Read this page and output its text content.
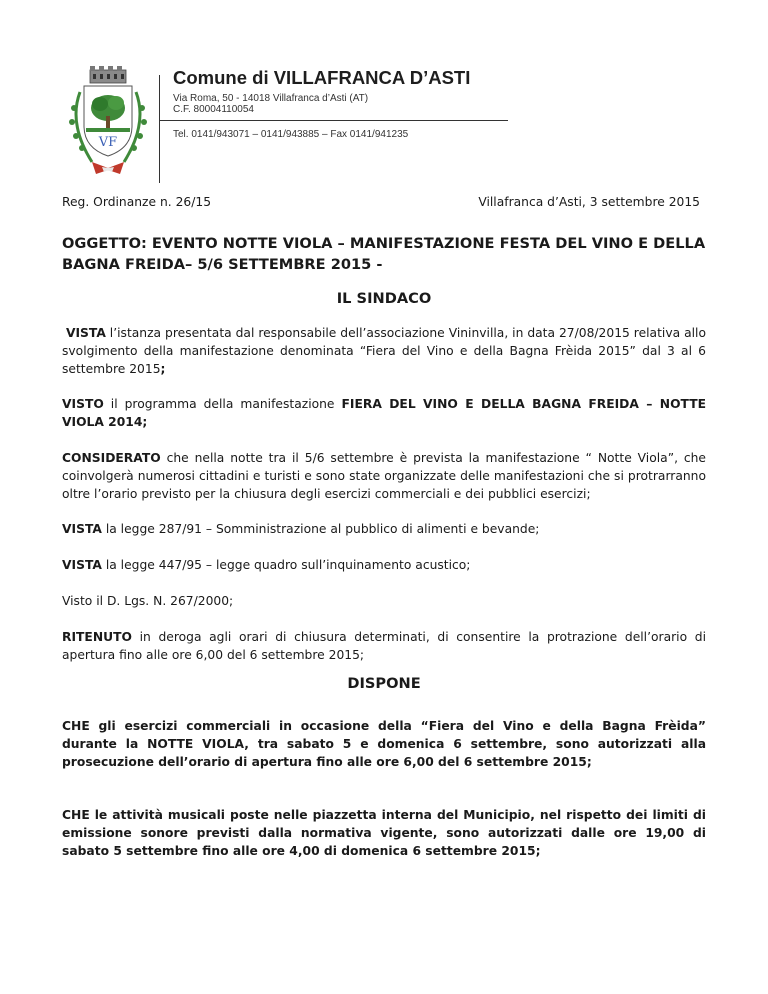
VF
Comune di VILLAFRANCA D’ASTI
Via Roma, 50 - 14018 Villafranca d’Asti (AT)
C.F. 80004110054
Tel. 0141/943071 – 0141/943885 – Fax 0141/941235
Reg. Ordinanze n. 26/15	Villafranca d’Asti, 3 settembre 2015
OGGETTO: EVENTO NOTTE VIOLA – MANIFESTAZIONE FESTA DEL VINO E DELLA BAGNA FREIDA– 5/6 SETTEMBRE 2015 -
IL SINDACO
VISTA l’istanza presentata dal responsabile dell’associazione Vininvilla, in data 27/08/2015 relativa allo svolgimento della manifestazione denominata “Fiera del Vino e della Bagna Frèida 2015” dal 3 al 6 settembre 2015;
VISTO il programma della manifestazione FIERA DEL VINO E DELLA BAGNA FREIDA – NOTTE VIOLA 2014;
CONSIDERATO che nella notte tra il 5/6 settembre è prevista la manifestazione “ Notte Viola”, che coinvolgerà numerosi cittadini e turisti e sono state organizzate delle manifestazioni che si protrarranno oltre l’orario previsto per la chiusura degli esercizi commerciali e dei pubblici esercizi;
VISTA la legge 287/91 – Somministrazione al pubblico di alimenti e bevande;
VISTA la legge 447/95 – legge quadro sull’inquinamento acustico;
Visto il D. Lgs. N. 267/2000;
RITENUTO in deroga agli orari di chiusura determinati, di consentire la protrazione dell’orario di apertura fino alle ore 6,00 del 6 settembre 2015;
DISPONE
CHE gli esercizi commerciali in occasione della “Fiera del Vino e della Bagna Frèida” durante la NOTTE VIOLA, tra sabato 5 e domenica 6 settembre, sono autorizzati alla prosecuzione dell’orario di apertura fino alle ore 6,00 del 6 settembre 2015;
CHE le attività musicali poste nelle piazzetta interna del Municipio, nel rispetto dei limiti di emissione sonore previsti dalla normativa vigente, sono autorizzati dalle ore 19,00 di sabato 5 settembre fino alle ore 4,00 di domenica 6 settembre 2015;
